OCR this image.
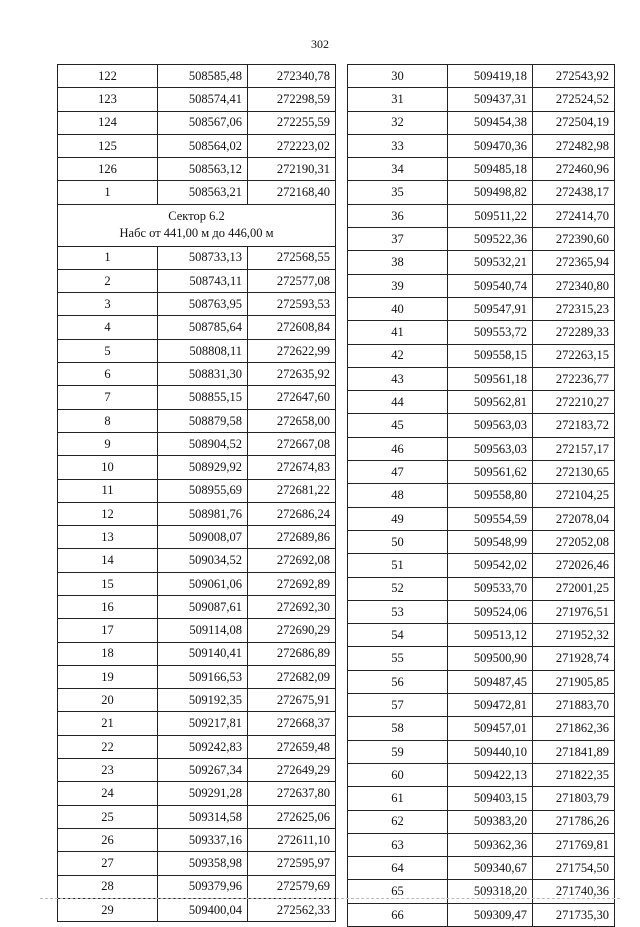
302
122	508585,48	272340,78
123	508574,41	272298,59
124	508567,06	272255,59
125	508564,02	272223,02
126	508563,12	272190,31
1	508563,21	272168,40

Сектор 6.2
Набс от 441,00 м до 446,00 м		

1	508733,13	272568,55
2	508743,11	272577,08
3	508763,95	272593,53
4	508785,64	272608,84
5	508808,11	272622,99
6	508831,30	272635,92
7	508855,15	272647,60
8	508879,58	272658,00
9	508904,52	272667,08
10	508929,92	272674,83
11	508955,69	272681,22
12	508981,76	272686,24
13	509008,07	272689,86
14	509034,52	272692,08
15	509061,06	272692,89
16	509087,61	272692,30
17	509114,08	272690,29
18	509140,41	272686,89
19	509166,53	272682,09
20	509192,35	272675,91
21	509217,81	272668,37
22	509242,83	272659,48
23	509267,34	272649,29
24	509291,28	272637,80
25	509314,58	272625,06
26	509337,16	272611,10
27	509358,98	272595,97
28	509379,96	272579,69
29	509400,04	272562,33
30	509419,18	272543,92
31	509437,31	272524,52
32	509454,38	272504,19
33	509470,36	272482,98
34	509485,18	272460,96
35	509498,82	272438,17
36	509511,22	272414,70
37	509522,36	272390,60
38	509532,21	272365,94
39	509540,74	272340,80
40	509547,91	272315,23
41	509553,72	272289,33
42	509558,15	272263,15
43	509561,18	272236,77
44	509562,81	272210,27
45	509563,03	272183,72
46	509563,03	272157,17
47	509561,62	272130,65
48	509558,80	272104,25
49	509554,59	272078,04
50	509548,99	272052,08
51	509542,02	272026,46
52	509533,70	272001,25
53	509524,06	271976,51
54	509513,12	271952,32
55	509500,90	271928,74
56	509487,45	271905,85
57	509472,81	271883,70
58	509457,01	271862,36
59	509440,10	271841,89
60	509422,13	271822,35
61	509403,15	271803,79
62	509383,20	271786,26
63	509362,36	271769,81
64	509340,67	271754,50
65	509318,20	271740,36
66	509309,47	271735,30
